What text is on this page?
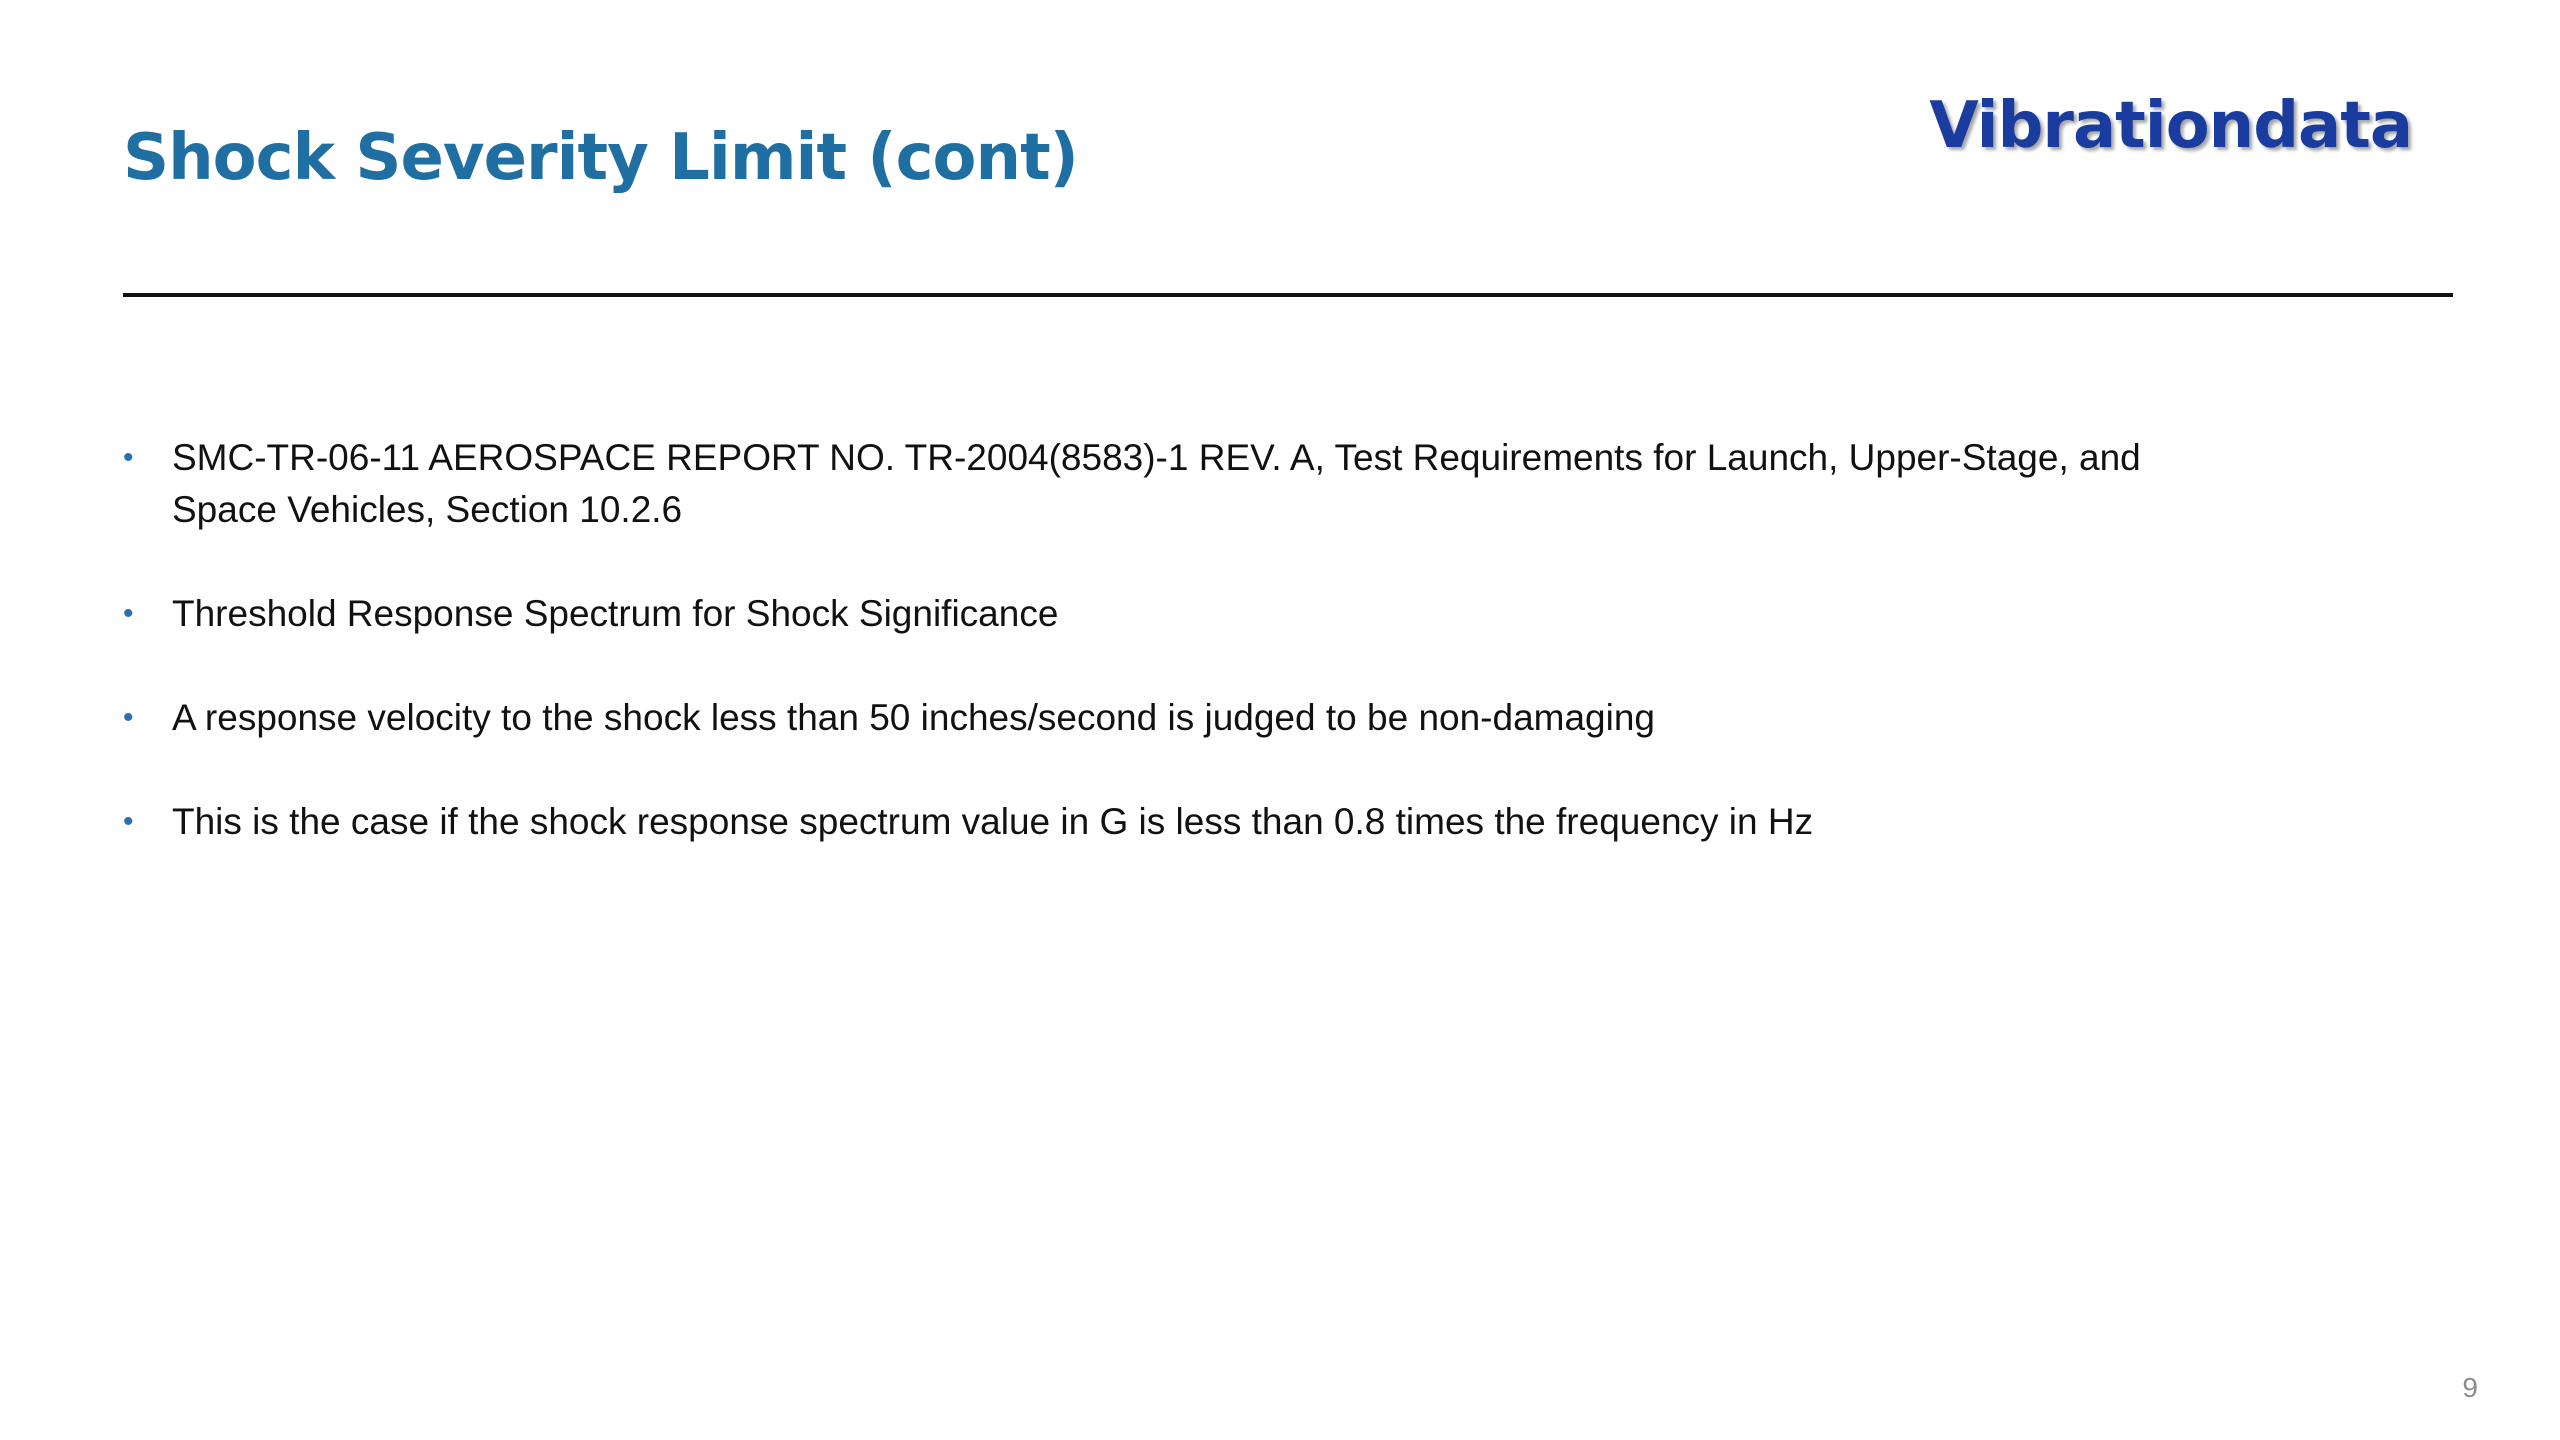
Shock Severity Limit (cont)	Vibrationdata
• SMC-TR-06-11 AEROSPACE REPORT NO. TR-2004(8583)-1 REV. A, Test Requirements for Launch, Upper-Stage, and Space Vehicles, Section 10.2.6
• Threshold Response Spectrum for Shock Significance
• A response velocity to the shock less than 50 inches/second is judged to be non-damaging
• This is the case if the shock response spectrum value in G is less than 0.8 times the frequency in Hz
9
